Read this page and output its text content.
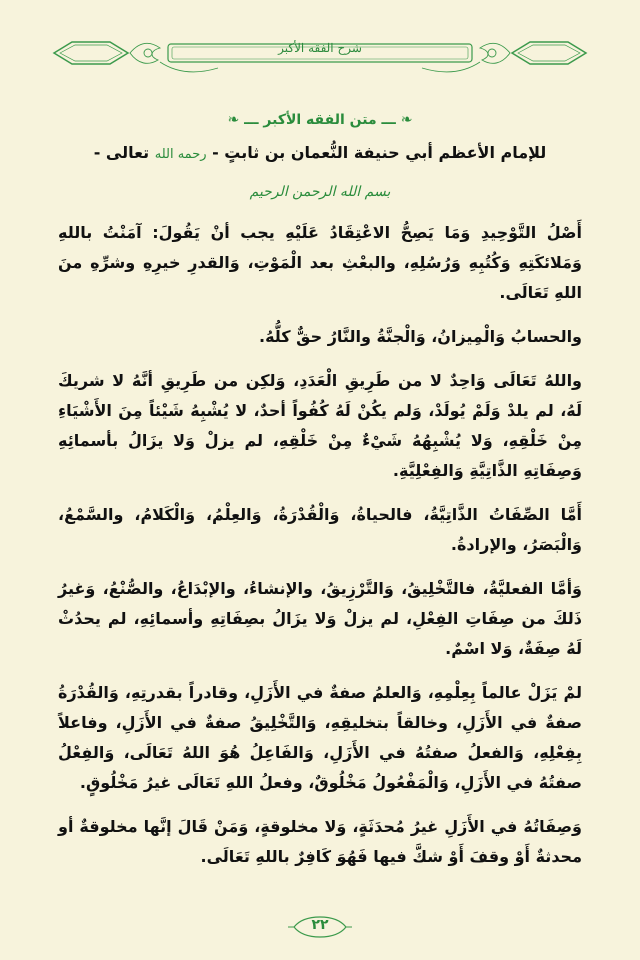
شرح الفقه الأكبر
❧ ـــ متن الفقه الأكبر ـــ ❧
للإمام الأعظم أبي حنيفة النُّعمان بن ثابتٍ - رحمه الله تعالى -
بسم الله الرحمن الرحيم

أَصْلُ التَّوْحِيدِ وَمَا يَصِحُّ الاعْتِقَادُ عَلَيْهِ يجب أنْ يَقُولَ: آمَنْتُ باللهِ وَمَلائكَتِهِ وَكُتُبِهِ وَرُسُلِهِ، والبعْثِ بعد الْمَوْتِ، وَالقدرِ خيرِهِ وشرِّهِ منَ اللهِ تَعَالَى.

والحسابُ وَالْمِيزانُ، وَالْجنَّةُ والنَّارُ حقٌّ كلُّهُ.

واللهُ تَعَالَى وَاحِدٌ لا من طَرِيقِ الْعَدَدِ، وَلكِن من طَرِيقِ أنَّهُ لا شريكَ لَهُ، لم يلدْ وَلَمْ يُولَدْ، وَلم يكُنْ لَهُ كُفُواً أحدٌ، لا يُشْبِهُ شَيْئاً مِنَ الأَشْيَاءِ مِنْ خَلْقِهِ، وَلا يُشْبِهُهُ شَيْءٌ مِنْ خَلْقِهِ، لم يزلْ وَلا يزَالُ بأسمائِهِ وَصِفَاتِهِ الذَّاتِيَّةِ وَالفِعْلِيَّةِ.

أَمَّا الصِّفَاتُ الذَّاتِيَّةُ، فالحياةُ، وَالْقُدْرَةُ، وَالعِلْمُ، وَالْكَلامُ، والسَّمْعُ، وَالْبَصَرُ، والإرادةُ.

وَأمَّا الفعليَّةُ، فالتَّخْلِيقُ، وَالتَّرْزِيقُ، والإنشاءُ، والإبْدَاعُ، والصُّنْعُ، وَغيرُ ذَلكَ من صِفَاتِ الفِعْلِ، لم يزلْ وَلا يزَالُ بصِفَاتِهِ وأسمائِهِ، لم يحدُثْ لَهُ صِفَةٌ، وَلا اسْمٌ.

لمْ يَزَلْ عالماً بِعِلْمِهِ، وَالعلمُ صفةٌ في الأَزَلِ، وقادراً بقدرتِهِ، وَالقُدْرَةُ صفةٌ في الأَزَلِ، وخالقاً بتخليقِهِ، وَالتَّخْلِيقُ صفةٌ في الأَزَلِ، وفاعلاً بِفِعْلِهِ، وَالفعلُ صفتُهُ في الأَزَلِ، وَالفَاعِلُ هُوَ اللهُ تَعَالَى، وَالفِعْلُ صفتُهُ في الأَزَلِ، وَالْمَفْعُولُ مَخْلُوقٌ، وفعلُ اللهِ تَعَالَى غيرُ مَخْلُوقٍ.

وَصِفَاتُهُ في الأَزَلِ غيرُ مُحدَثَةٍ، وَلا مخلوقةٍ، وَمَنْ قَالَ إنَّها مخلوقةٌ أو محدثةٌ أَوْ وقفَ أَوْ شكَّ فيها فَهُوَ كَافِرٌ باللهِ تَعَالَى.

٢٢
